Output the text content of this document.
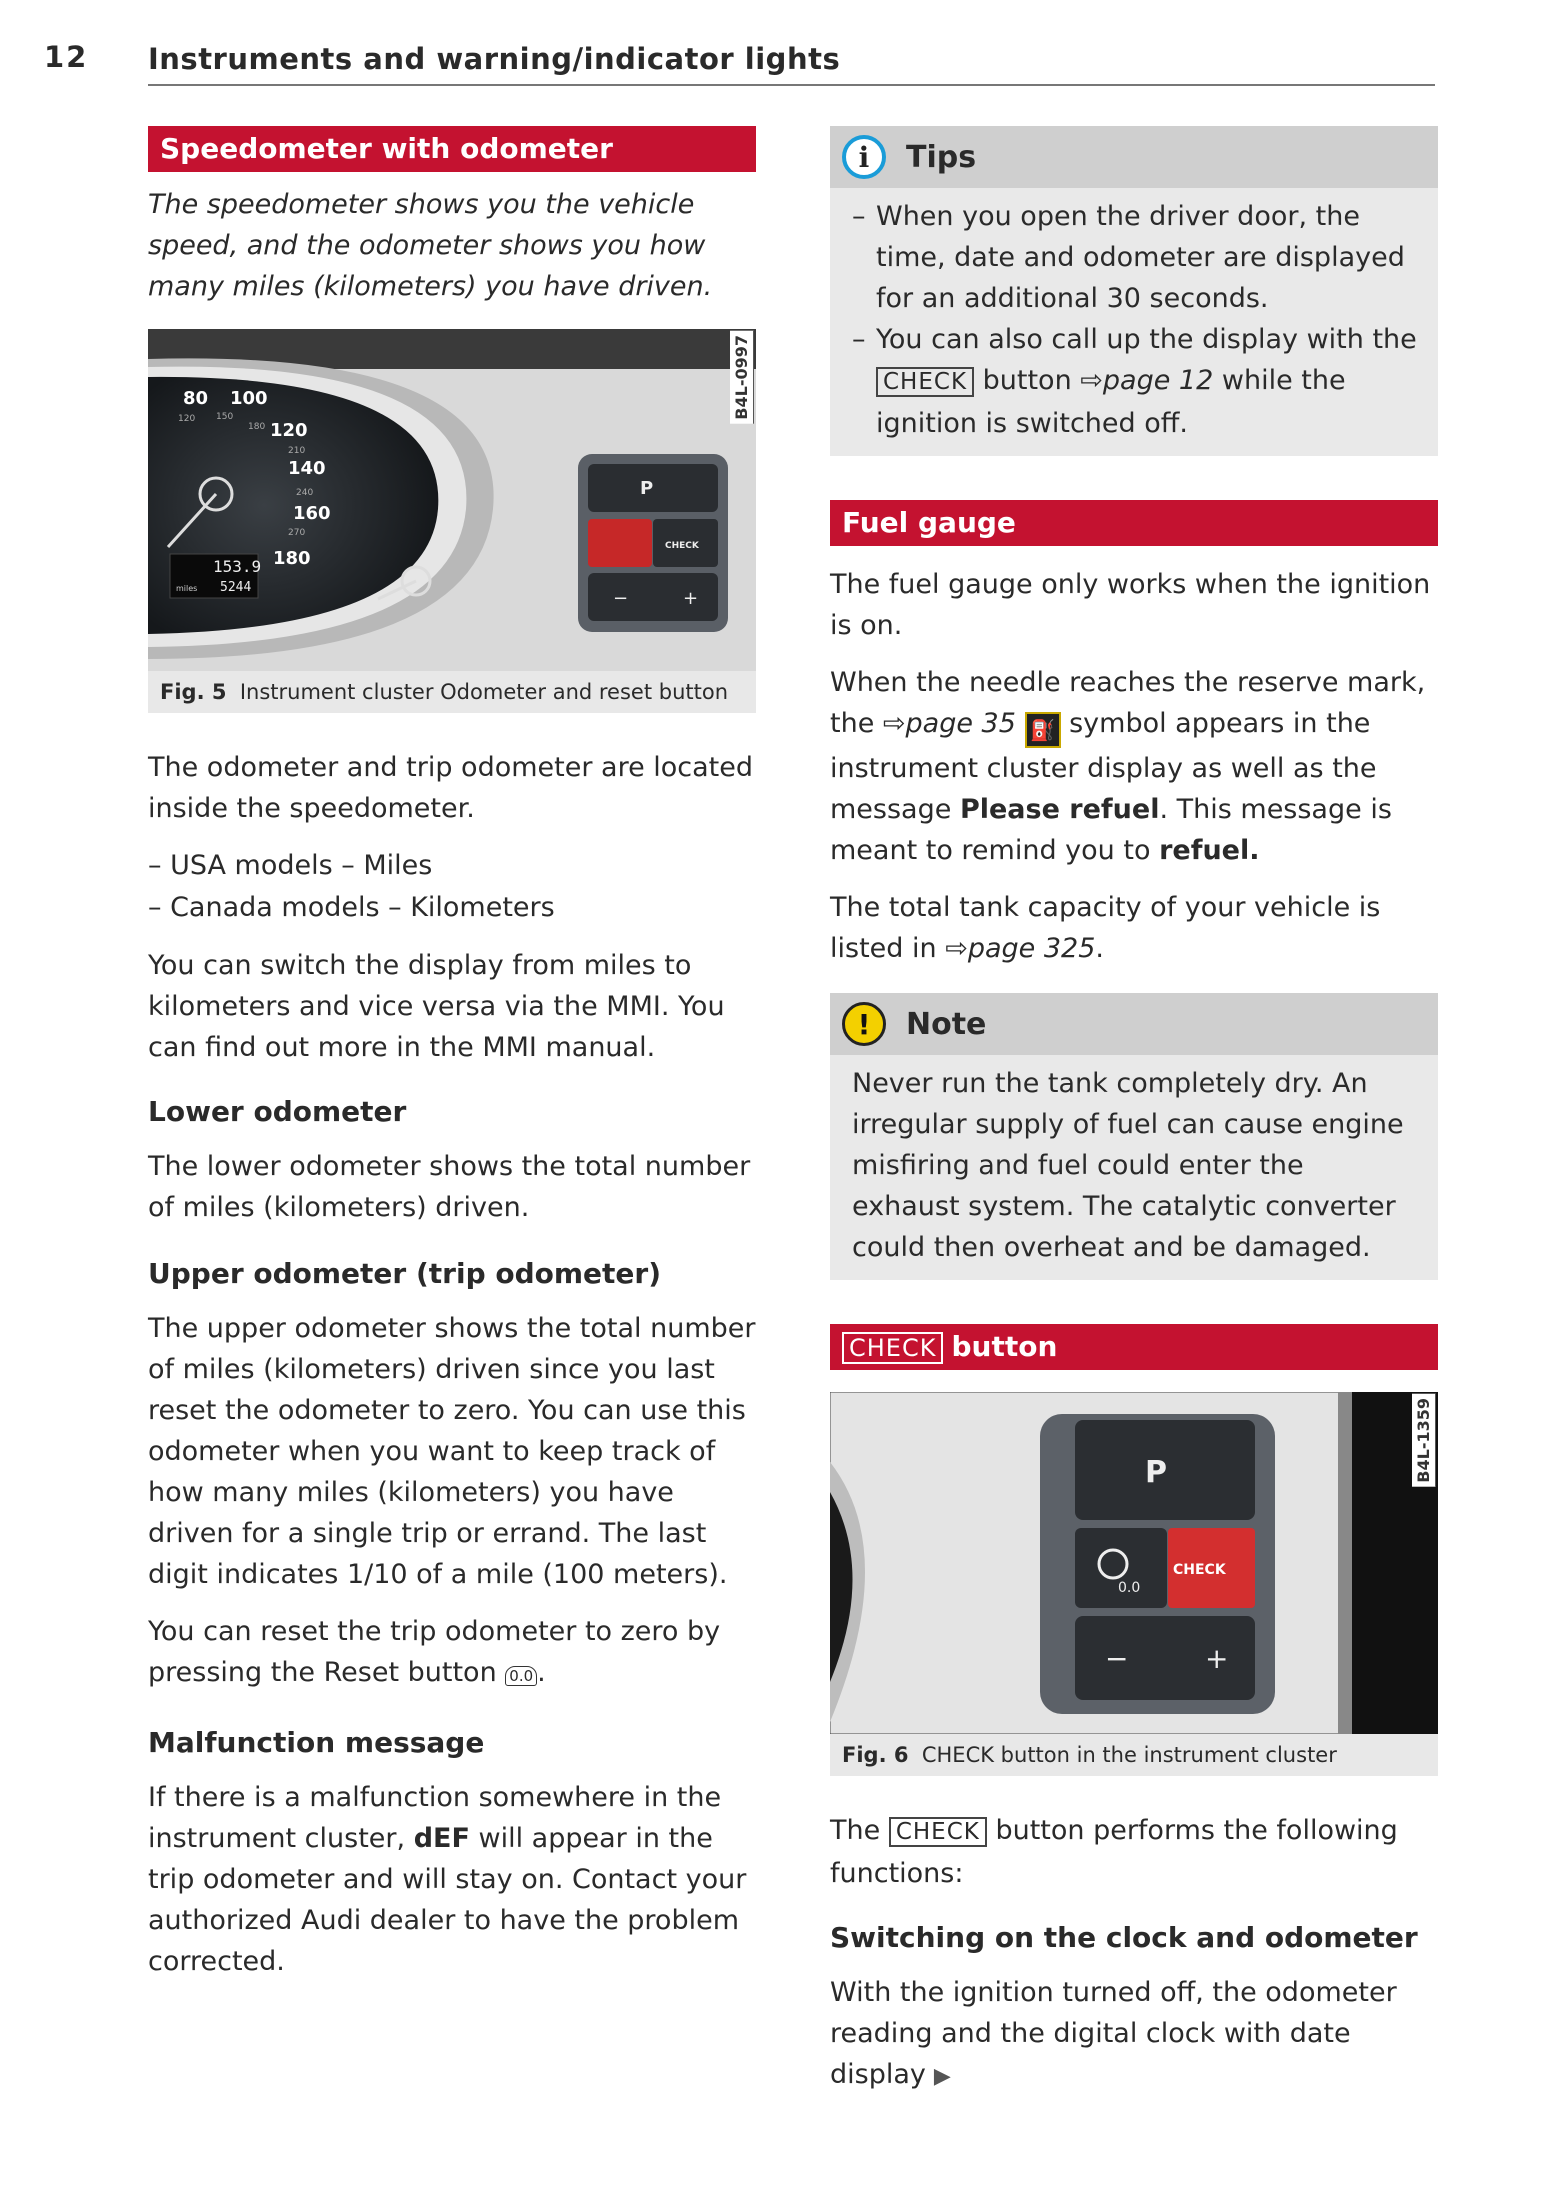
12 Instruments and warning/indicator lights
Speedometer with odometer

The speedometer shows you the vehicle speed, and the odometer shows you how many miles (kilometers) you have driven.

80 100
120
140
160
180
120 150
180
210
240
270
153.9
5244
miles
P
CHECK
−	+
B4L-0997
Fig. 5 Instrument cluster Odometer and reset button

The odometer and trip odometer are located inside the speedometer.

– USA models – Miles
– Canada models – Kilometers

You can switch the display from miles to kilometers and vice versa via the MMI. You can find out more in the MMI manual.

Lower odometer

The lower odometer shows the total number of miles (kilometers) driven.

Upper odometer (trip odometer)

The upper odometer shows the total number of miles (kilometers) driven since you last reset the odometer to zero. You can use this odometer when you want to keep track of how many miles (kilometers) you have driven for a single trip or errand. The last digit indicates 1/10 of a mile (100 meters).

You can reset the trip odometer to zero by pressing the Reset button 0.0 .

Malfunction message

If there is a malfunction somewhere in the instrument cluster, dEF will appear in the trip odometer and will stay on. Contact your authorized Audi dealer to have the problem corrected.

i	Tips
– When you open the driver door, the time, date and odometer are displayed for an additional 30 seconds.
– You can also call up the display with the CHECK button ⇨page 12 while the ignition is switched off.
Fuel gauge

The fuel gauge only works when the ignition is on.

When the needle reaches the reserve mark, the ⇨page 35 ⛽ symbol appears in the instrument cluster display as well as the message Please refuel. This message is meant to remind you to refuel.

The total tank capacity of your vehicle is listed in ⇨page 325.

!	Note

Never run the tank completely dry. An irregular supply of fuel can cause engine misfiring and fuel could enter the exhaust system. The catalytic converter could then overheat and be damaged.

CHECK button
P
0.0
CHECK
−	+
B4L-1359
Fig. 6 CHECK button in the instrument cluster

The CHECK button performs the following functions:

Switching on the clock and odometer

With the ignition turned off, the odometer reading and the digital clock with date display ▶
